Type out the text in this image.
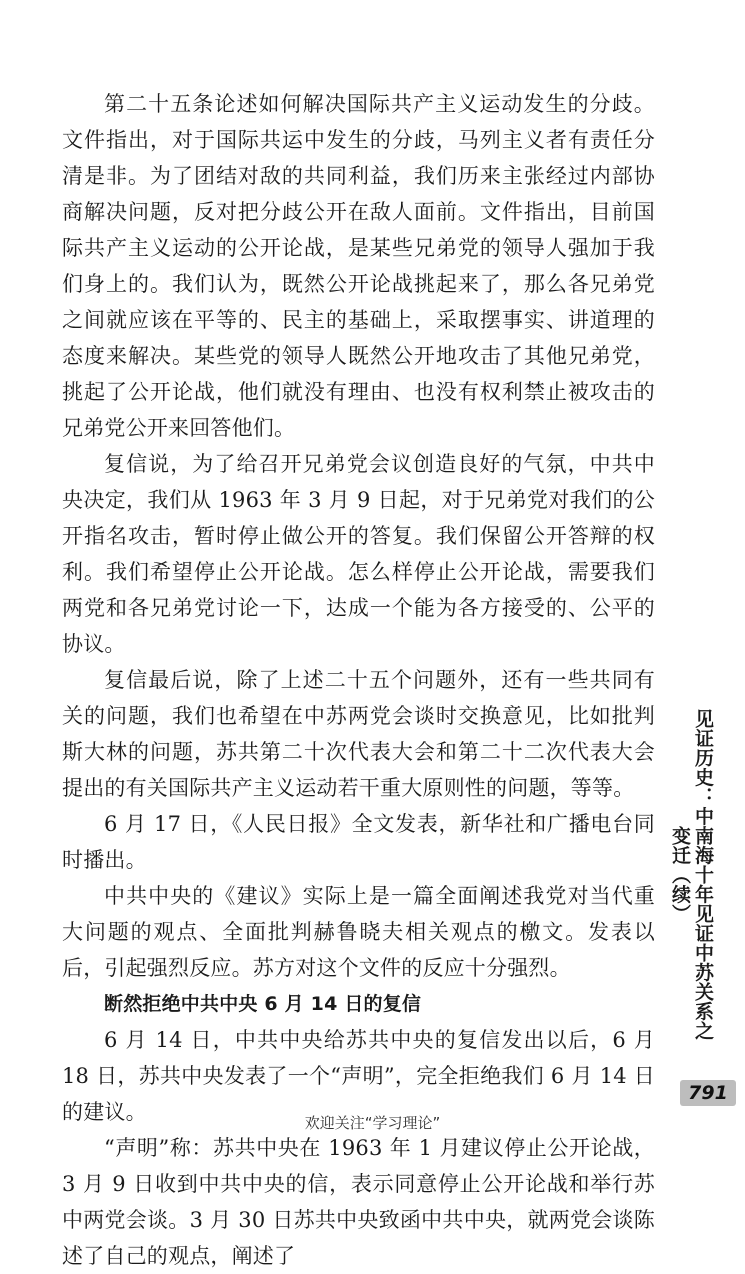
第二十五条论述如何解决国际共产主义运动发生的分歧。文件指出，对于国际共运中发生的分歧，马列主义者有责任分清是非。为了团结对敌的共同利益，我们历来主张经过内部协商解决问题，反对把分歧公开在敌人面前。文件指出，目前国际共产主义运动的公开论战，是某些兄弟党的领导人强加于我们身上的。我们认为，既然公开论战挑起来了，那么各兄弟党之间就应该在平等的、民主的基础上，采取摆事实、讲道理的态度来解决。某些党的领导人既然公开地攻击了其他兄弟党，挑起了公开论战，他们就没有理由、也没有权利禁止被攻击的兄弟党公开来回答他们。

复信说，为了给召开兄弟党会议创造良好的气氛，中共中央决定，我们从 1963 年 3 月 9 日起，对于兄弟党对我们的公开指名攻击，暂时停止做公开的答复。我们保留公开答辩的权利。我们希望停止公开论战。怎么样停止公开论战，需要我们两党和各兄弟党讨论一下，达成一个能为各方接受的、公平的协议。

复信最后说，除了上述二十五个问题外，还有一些共同有关的问题，我们也希望在中苏两党会谈时交换意见，比如批判斯大林的问题，苏共第二十次代表大会和第二十二次代表大会提出的有关国际共产主义运动若干重大原则性的问题，等等。

6 月 17 日，《人民日报》全文发表，新华社和广播电台同时播出。

中共中央的《建议》实际上是一篇全面阐述我党对当代重大问题的观点、全面批判赫鲁晓夫相关观点的檄文。发表以后，引起强烈反应。苏方对这个文件的反应十分强烈。

断然拒绝中共中央 6 月 14 日的复信

6 月 14 日，中共中央给苏共中央的复信发出以后，6 月 18 日，苏共中央发表了一个“声明”，完全拒绝我们 6 月 14 日的建议。

“声明”称：苏共中央在 1963 年 1 月建议停止公开论战，3 月 9 日收到中共中央的信，表示同意停止公开论战和举行苏中两党会谈。3 月 30 日苏共中央致函中共中央，就两党会谈陈述了自己的观点，阐述了

见证历史：中南海十年见证中苏关系之变迁（续）
791
欢迎关注“学习理论”
